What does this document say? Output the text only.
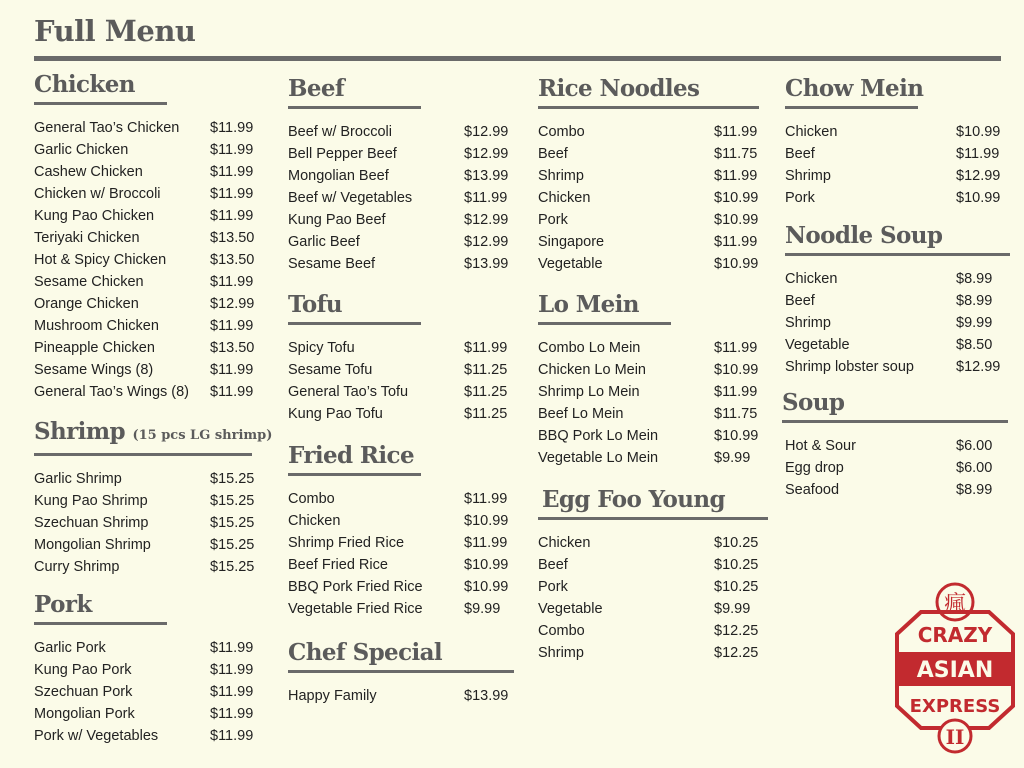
Full Menu
Chicken
General Tao’s Chicken $11.99
Garlic Chicken	$11.99
Cashew Chicken	$11.99
Chicken w/ Broccoli	$11.99
Kung Pao Chicken	$11.99
Teriyaki Chicken	$13.50
Hot & Spicy Chicken	$13.50
Sesame Chicken	$11.99
Orange Chicken	$12.99
Mushroom Chicken	$11.99
Pineapple Chicken	$13.50
Sesame Wings (8)	$11.99
General Tao’s Wings (8) $11.99
Shrimp (15 pcs LG shrimp)
Garlic Shrimp	$15.25
Kung Pao Shrimp	$15.25
Szechuan Shrimp	$15.25
Mongolian Shrimp	$15.25
Curry Shrimp	$15.25
Pork
Garlic Pork	$11.99
Kung Pao Pork	$11.99
Szechuan Pork	$11.99
Mongolian Pork	$11.99
Pork w/ Vegetables	$11.99
Beef
Beef w/ Broccoli	$12.99
Bell Pepper Beef	$12.99
Mongolian Beef	$13.99
Beef w/ Vegetables	$11.99
Kung Pao Beef	$12.99
Garlic Beef	$12.99
Sesame Beef	$13.99
Tofu
Spicy Tofu	$11.99
Sesame Tofu	$11.25
General Tao’s Tofu	$11.25
Kung Pao Tofu	$11.25
Fried Rice
Combo	$11.99
Chicken	$10.99
Shrimp Fried Rice	$11.99
Beef Fried Rice	$10.99
BBQ Pork Fried Rice	$10.99
Vegetable Fried Rice	$9.99
Chef Special
Happy Family	$13.99
Rice Noodles
Combo	$11.99
Beef	$11.75
Shrimp	$11.99
Chicken	$10.99
Pork	$10.99
Singapore	$11.99
Vegetable	$10.99
Lo Mein
Combo Lo Mein	$11.99
Chicken Lo Mein	$10.99
Shrimp Lo Mein	$11.99
Beef Lo Mein	$11.75
BBQ Pork Lo Mein	$10.99
Vegetable Lo Mein	$9.99
Egg Foo Young
Chicken	$10.25
Beef	$10.25
Pork	$10.25
Vegetable	$9.99
Combo	$12.25
Shrimp	$12.25
Chow Mein
Chicken	$10.99
Beef	$11.99
Shrimp	$12.99
Pork	$10.99
Noodle Soup
Chicken	$8.99
Beef	$8.99
Shrimp	$9.99
Vegetable	$8.50
Shrimp lobster soup	$12.99
Soup
Hot & Sour	$6.00
Egg drop	$6.00
Seafood	$8.99
瘋
CRAZY
ASIAN
EXPRESS
II
